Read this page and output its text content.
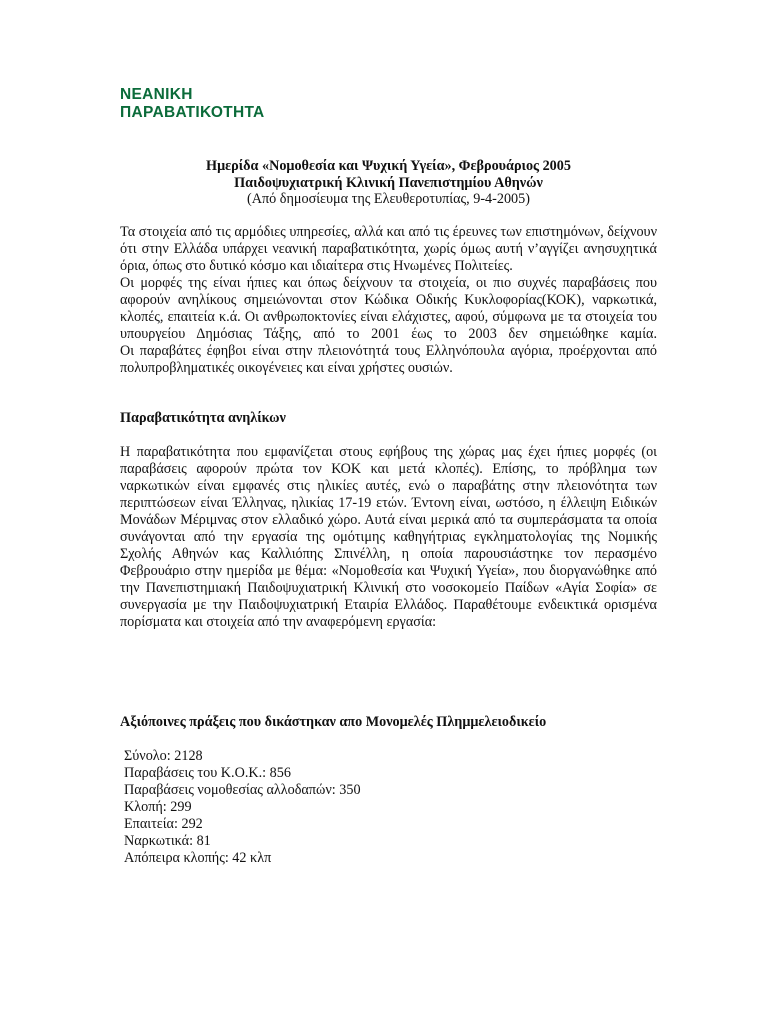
ΝΕΑΝΙΚΗ
ΠΑΡΑΒΑΤΙΚΟΤΗΤΑ
Ημερίδα «Νομοθεσία και Ψυχική Υγεία», Φεβρουάριος 2005
Παιδοψυχιατρική Κλινική Πανεπιστημίου Αθηνών
(Από δημοσίευμα της Ελευθεροτυπίας, 9-4-2005)

Τα στοιχεία από τις αρμόδιες υπηρεσίες, αλλά και από τις έρευνες των επιστημόνων, δείχνουν ότι στην Ελλάδα υπάρχει νεανική παραβατικότητα, χωρίς όμως αυτή ν’αγγίζει ανησυχητικά όρια, όπως στο δυτικό κόσμο και ιδιαίτερα στις Ηνωμένες Πολιτείες.

Οι μορφές της είναι ήπιες και όπως δείχνουν τα στοιχεία, οι πιο συχνές παραβάσεις που αφορούν ανηλίκους σημειώνονται στον Κώδικα Οδικής Κυκλοφορίας(ΚΟΚ), ναρκωτικά, κλοπές, επαιτεία κ.ά. Οι ανθρωποκτονίες είναι ελάχιστες, αφού, σύμφωνα με τα στοιχεία του υπουργείου Δημόσιας Τάξης, από το 2001 έως το 2003 δεν σημειώθηκε καμία.

Οι παραβάτες έφηβοι είναι στην πλειονότητά τους Ελληνόπουλα αγόρια, προέρχονται από πολυπροβληματικές οικογένειες και είναι χρήστες ουσιών.

Παραβατικότητα ανηλίκων
Η παραβατικότητα που εμφανίζεται στους εφήβους της χώρας μας έχει ήπιες μορφές (οι παραβάσεις αφορούν πρώτα τον ΚΟΚ και μετά κλοπές). Επίσης, το πρόβλημα των ναρκωτικών είναι εμφανές στις ηλικίες αυτές, ενώ ο παραβάτης στην πλειονότητα των περιπτώσεων είναι Έλληνας, ηλικίας 17-19 ετών. Έντονη είναι, ωστόσο, η έλλειψη Ειδικών Μονάδων Μέριμνας στον ελλαδικό χώρο. Αυτά είναι μερικά από τα συμπεράσματα τα οποία συνάγονται από την εργασία της ομότιμης καθηγήτριας εγκληματολογίας της Νομικής Σχολής Αθηνών κας Καλλιόπης Σπινέλλη, η οποία παρουσιάστηκε τον περασμένο Φεβρουάριο στην ημερίδα με θέμα: «Νομοθεσία και Ψυχική Υγεία», που διοργανώθηκε από την Πανεπιστημιακή Παιδοψυχιατρική Κλινική στο νοσοκομείο Παίδων «Αγία Σοφία» σε συνεργασία με την Παιδοψυχιατρική Εταιρία Ελλάδος. Παραθέτουμε ενδεικτικά ορισμένα πορίσματα και στοιχεία από την αναφερόμενη εργασία:
Αξιόποινες πράξεις που δικάστηκαν απο Μονομελές Πλημμελειοδικείο
Σύνολο: 2128
Παραβάσεις του Κ.Ο.Κ.: 856
Παραβάσεις νομοθεσίας αλλοδαπών: 350
Κλοπή: 299
Επαιτεία: 292
Ναρκωτικά: 81
Απόπειρα κλοπής: 42 κλπ
